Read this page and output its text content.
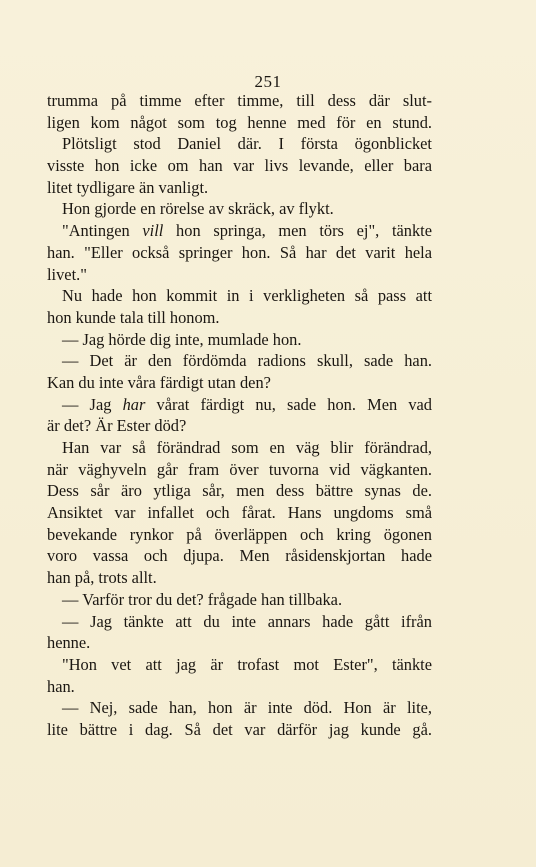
251
trumma på timme efter timme, till dess där slut-
ligen kom något som tog henne med för en stund.
Plötsligt stod Daniel där. I första ögonblicket
visste hon icke om han var livs levande, eller bara
litet tydligare än vanligt.
Hon gjorde en rörelse av skräck, av flykt.
"Antingen vill hon springa, men törs ej", tänkte
han. "Eller också springer hon. Så har det varit hela
livet."
Nu hade hon kommit in i verkligheten så pass att
hon kunde tala till honom.
— Jag hörde dig inte, mumlade hon.
— Det är den fördömda radions skull, sade han.
Kan du inte våra färdigt utan den?
— Jag har vårat färdigt nu, sade hon. Men vad
är det? Är Ester död?
Han var så förändrad som en väg blir förändrad,
när väghyveln går fram över tuvorna vid vägkanten.
Dess sår äro ytliga sår, men dess bättre synas de.
Ansiktet var infallet och fårat. Hans ungdoms små
bevekande rynkor på överläppen och kring ögonen
voro vassa och djupa. Men råsidenskjortan hade
han på, trots allt.
— Varför tror du det? frågade han tillbaka.
— Jag tänkte att du inte annars hade gått ifrån
henne.
"Hon vet att jag är trofast mot Ester", tänkte
han.
— Nej, sade han, hon är inte död. Hon är lite,
lite bättre i dag. Så det var därför jag kunde gå.
